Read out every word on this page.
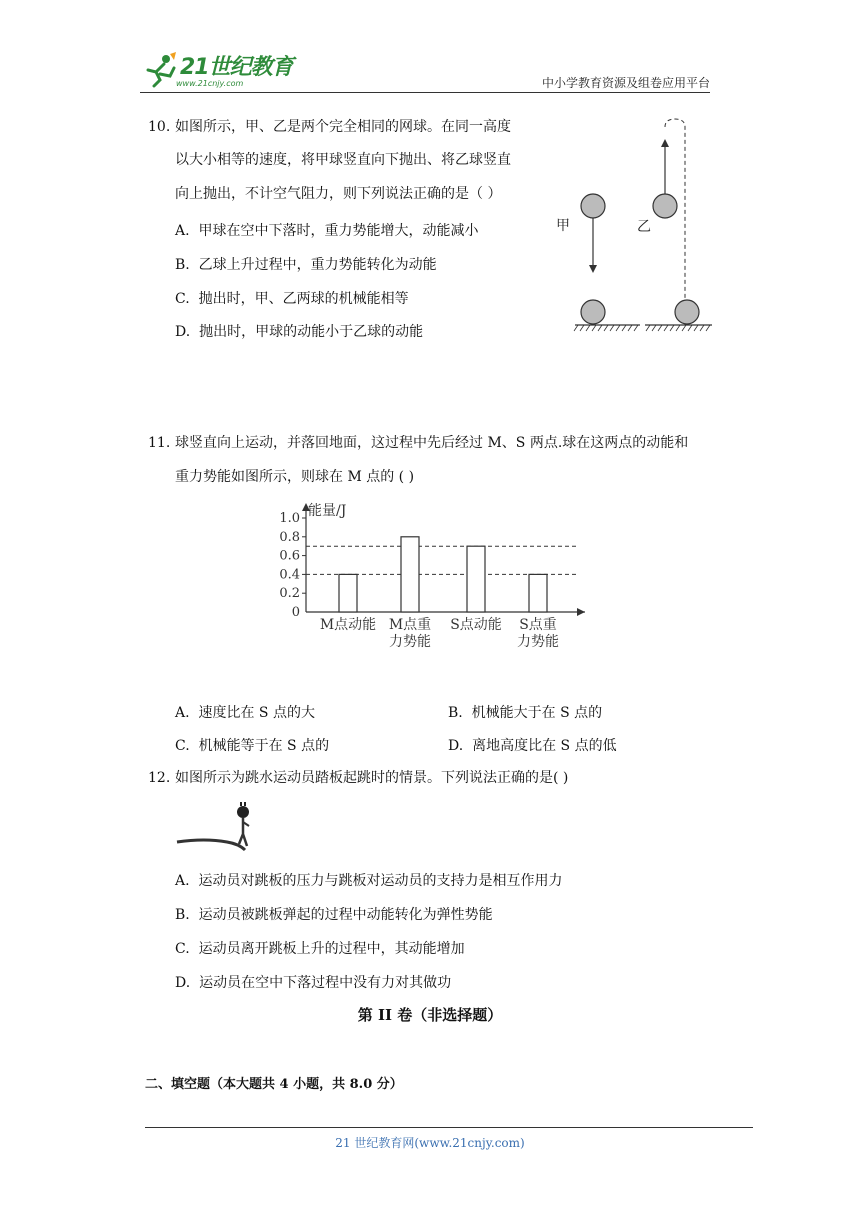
21世纪教育
www.21cnjy.com	中小学教育资源及组卷应用平台
10. 如图所示，甲、乙是两个完全相同的网球。在同一高度
以大小相等的速度，将甲球竖直向下抛出、将乙球竖直
向上抛出，不计空气阻力，则下列说法正确的是（ ）
A. 甲球在空中下落时，重力势能增大，动能减小
B. 乙球上升过程中，重力势能转化为动能
C. 抛出时，甲、乙两球的机械能相等
D. 抛出时，甲球的动能小于乙球的动能
甲	乙
11. 球竖直向上运动，并落回地面，这过程中先后经过 M、S 两点.球在这两点的动能和
重力势能如图所示，则球在 M 点的 ( )
能量/J
0
0.2
0.4
0.6
0.8
1.0
M点动能 M点重
力势能
S点动能 S点重
力势能
A. 速度比在 S 点的大	B. 机械能大于在 S 点的
C. 机械能等于在 S 点的	D. 离地高度比在 S 点的低
12. 如图所示为跳水运动员踏板起跳时的情景。下列说法正确的是( )
A. 运动员对跳板的压力与跳板对运动员的支持力是相互作用力
B. 运动员被跳板弹起的过程中动能转化为弹性势能
C. 运动员离开跳板上升的过程中，其动能增加
D. 运动员在空中下落过程中没有力对其做功
第 II 卷（非选择题）
二、填空题（本大题共 4 小题，共 8.0 分）
21 世纪教育网(www.21cnjy.com)
